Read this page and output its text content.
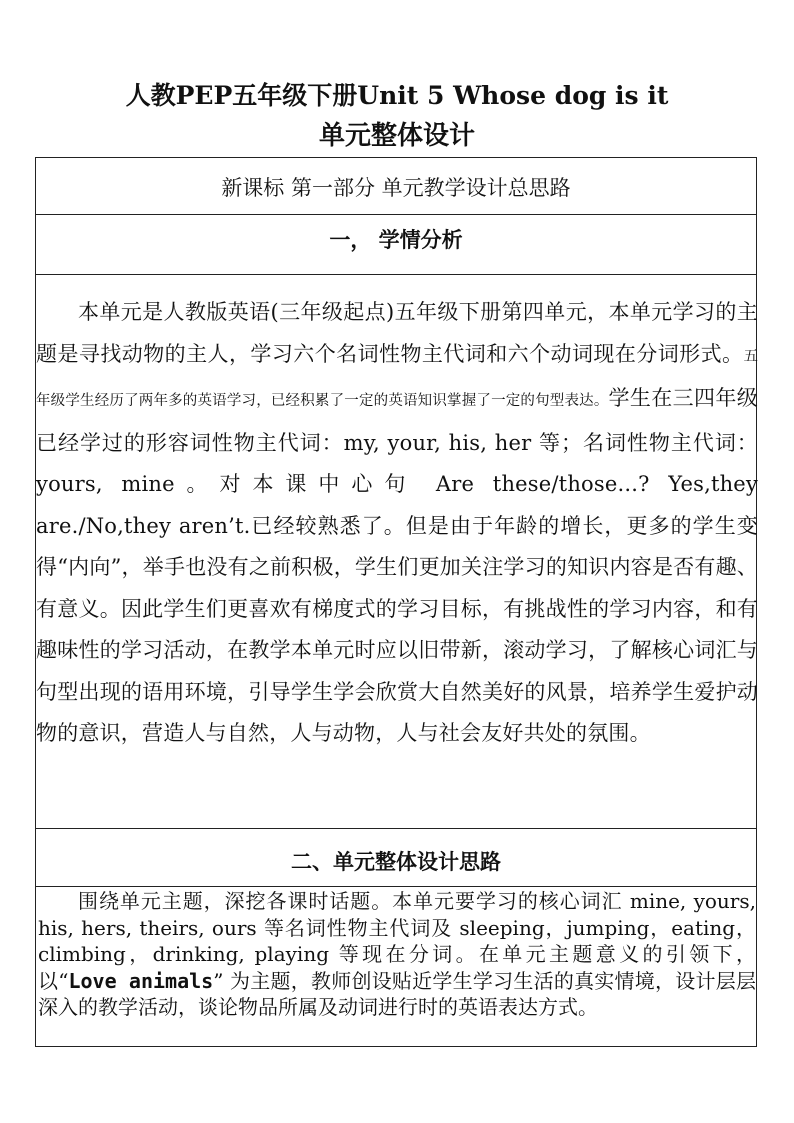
人教PEP五年级下册Unit 5 Whose dog is it
单元整体设计
新课标 第一部分 单元教学设计总思路
一， 学情分析
本单元是人教版英语(三年级起点)五年级下册第四单元，本单元学习的主题是寻找动物的主人，学习六个名词性物主代词和六个动词现在分词形式。五年级学生经历了两年多的英语学习，已经积累了一定的英语知识掌握了一定的句型表达。学生在三四年级已经学过的形容词性物主代词：my, your, his, her 等；名词性物主代词：yours, mine。对本课中心句 Are these/those...? Yes,they are./No,they aren’t.已经较熟悉了。但是由于年龄的增长，更多的学生变得“内向”，举手也没有之前积极，学生们更加关注学习的知识内容是否有趣、有意义。因此学生们更喜欢有梯度式的学习目标，有挑战性的学习内容，和有趣味性的学习活动，在教学本单元时应以旧带新，滚动学习，了解核心词汇与句型出现的语用环境，引导学生学会欣赏大自然美好的风景，培养学生爱护动物的意识，营造人与自然，人与动物，人与社会友好共处的氛围。
二、单元整体设计思路
围绕单元主题，深挖各课时话题。本单元要学习的核心词汇 mine, yours, his, hers, theirs, ours 等名词性物主代词及 sleeping，jumping，eating，climbing，drinking, playing 等现在分词。在单元主题意义的引领下，以“Love animals” 为主题，教师创设贴近学生学习生活的真实情境，设计层层深入的教学活动，谈论物品所属及动词进行时的英语表达方式。
